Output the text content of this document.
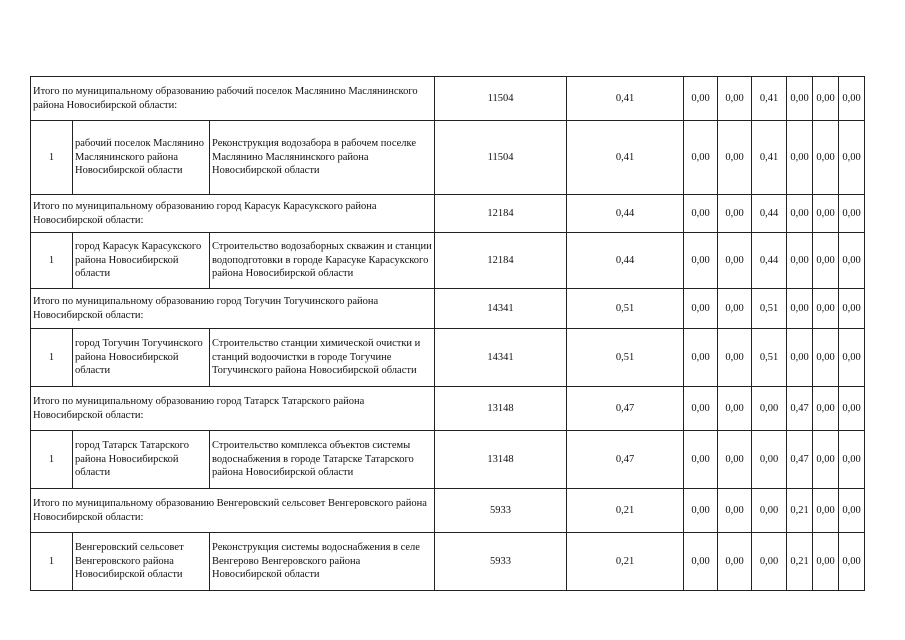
Итого по муниципальному образованию рабочий поселок Маслянино Маслянинского района Новосибирской области:			11504	0,41	0,00	0,00	0,41	0,00	0,00	0,00
1	рабочий поселок Маслянино Маслянинского района Новосибирской области	Реконструкция водозабора в рабочем поселке Маслянино Маслянинского района Новосибирской области	11504	0,41	0,00	0,00	0,41	0,00	0,00	0,00
Итого по муниципальному образованию город Карасук Карасукского района Новосибирской области:			12184	0,44	0,00	0,00	0,44	0,00	0,00	0,00
1	город Карасук Карасукского района Новосибирской области	Строительство водозаборных скважин и станции водоподготовки в городе Карасуке Карасукского района Новосибирской области	12184	0,44	0,00	0,00	0,44	0,00	0,00	0,00
Итого по муниципальному образованию город Тогучин Тогучинского района Новосибирской области:			14341	0,51	0,00	0,00	0,51	0,00	0,00	0,00
1	город Тогучин Тогучинского района Новосибирской области	Строительство станции химической очистки и станций водоочистки в городе Тогучине Тогучинского района Новосибирской области	14341	0,51	0,00	0,00	0,51	0,00	0,00	0,00
Итого по муниципальному образованию город Татарск Татарского района Новосибирской области:			13148	0,47	0,00	0,00	0,00	0,47	0,00	0,00
1	город Татарск Татарского района Новосибирской области	Строительство комплекса объектов системы водоснабжения в городе Татарске Татарского района Новосибирской области	13148	0,47	0,00	0,00	0,00	0,47	0,00	0,00
Итого по муниципальному образованию Венгеровский сельсовет Венгеровского района Новосибирской области:			5933	0,21	0,00	0,00	0,00	0,21	0,00	0,00
1	Венгеровский сельсовет Венгеровского района Новосибирской области	Реконструкция системы водоснабжения в селе Венгерово Венгеровского района Новосибирской области	5933	0,21	0,00	0,00	0,00	0,21	0,00	0,00
